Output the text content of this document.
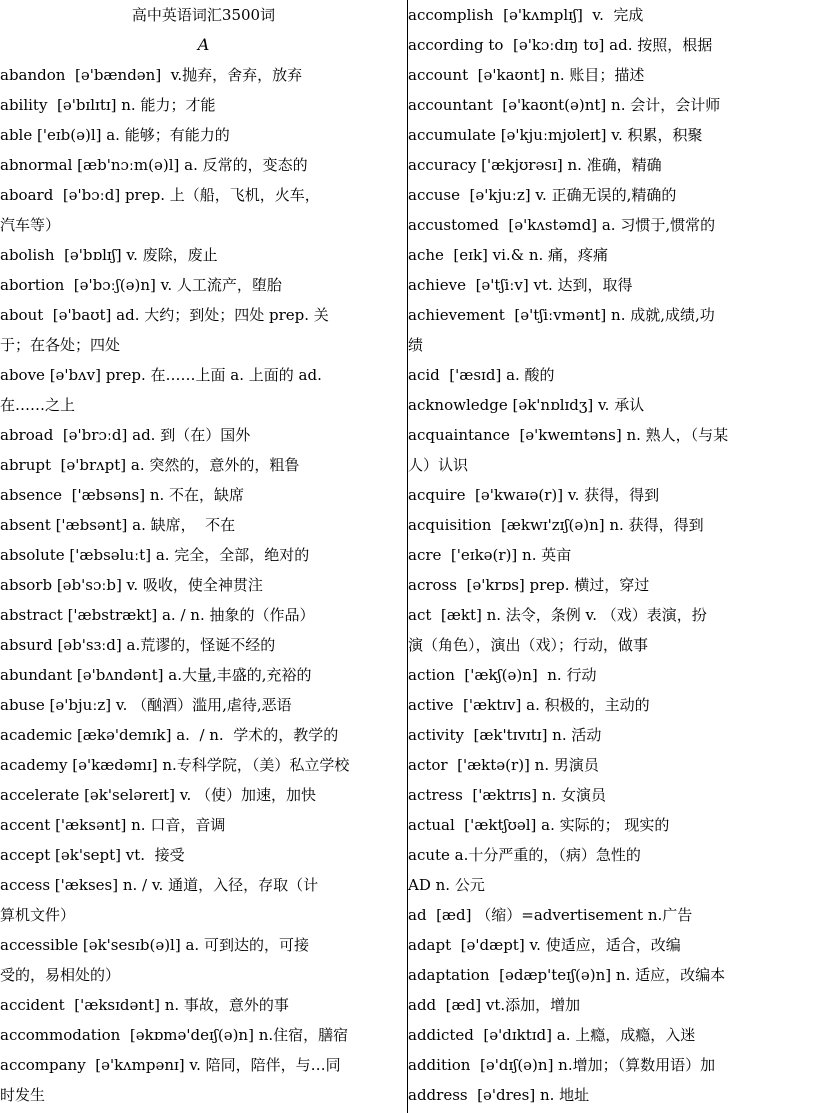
高中英语词汇3500词
A
abandon  [ə'bændən]  v.抛弃，舍弃，放弃
ability  [ə'bɪlɪtɪ] n. 能力；才能
able ['eɪb(ə)l] a. 能够；有能力的
abnormal [æb'nɔːm(ə)l] a. 反常的，变态的
aboard  [ə'bɔːd] prep. 上（船，飞机，火车，
汽车等）
abolish  [ə'bɒlɪʃ] v. 废除，废止
abortion  [ə'bɔːʃ(ə)n] v. 人工流产，堕胎
about  [ə'baʊt] ad. 大约；到处；四处 prep. 关
于；在各处；四处
above [ə'bʌv] prep. 在……上面 a. 上面的 ad.
在……之上
abroad  [ə'brɔːd] ad. 到（在）国外
abrupt  [ə'brʌpt] a. 突然的，意外的，粗鲁
absence  ['æbsəns] n. 不在，缺席
absent ['æbsənt] a. 缺席，  不在
absolute ['æbsəluːt] a. 完全，全部，绝对的
absorb [əb'sɔːb] v. 吸收，使全神贯注
abstract ['æbstrækt] a. / n. 抽象的（作品）
absurd [əb'sɜːd] a.荒谬的，怪诞不经的
abundant [ə'bʌndənt] a.大量,丰盛的,充裕的
abuse [ə'bjuːz] v. （酗酒）滥用,虐待,恶语
academic [ækə'demɪk] a.  / n.  学术的，教学的
academy [ə'kædəmɪ] n.专科学院，（美）私立学校
accelerate [ək'seləreɪt] v. （使）加速，加快
accent ['æksənt] n. 口音，音调
accept [ək'sept] vt.  接受
access ['ækses] n. / v. 通道，入径，存取（计
算机文件）
accessible [ək'sesɪb(ə)l] a. 可到达的，可接
受的，易相处的）
accident  ['æksɪdənt] n. 事故，意外的事
accommodation  [əkɒmə'deɪʃ(ə)n] n.住宿，膳宿
accompany  [ə'kʌmpənɪ] v. 陪同，陪伴，与…同
时发生
accomplish  [ə'kʌmplɪʃ]  v.  完成
according to  [ə'kɔːdɪŋ tʊ] ad. 按照，根据
account  [ə'kaʊnt] n. 账目；描述
accountant  [ə'kaʊnt(ə)nt] n. 会计，会计师
accumulate [ə'kjuːmjʊleɪt] v. 积累，积聚
accuracy ['ækjʊrəsɪ] n. 准确，精确
accuse  [ə'kjuːz] v. 正确无误的,精确的
accustomed  [ə'kʌstəmd] a. 习惯于,惯常的
ache  [eɪk] vi.& n. 痛，疼痛
achieve  [ə'tʃiːv] vt. 达到，取得
achievement  [ə'tʃiːvmənt] n. 成就,成绩,功
绩
acid  ['æsɪd] a. 酸的
acknowledge [ək'nɒlɪdʒ] v. 承认
acquaintance  [ə'kweɪntəns] n. 熟人，（与某
人）认识
acquire  [ə'kwaɪə(r)] v. 获得，得到
acquisition  [ækwɪ'zɪʃ(ə)n] n. 获得，得到
acre  ['eɪkə(r)] n. 英亩
across  [ə'krɒs] prep. 横过，穿过
act  [ækt] n. 法令，条例 v. （戏）表演，扮
演（角色），演出（戏）；行动，做事
action  ['ækʃ(ə)n]  n. 行动
active  ['æktɪv] a. 积极的，主动的
activity  [æk'tɪvɪtɪ] n. 活动
actor  ['æktə(r)] n. 男演员
actress  ['æktrɪs] n. 女演员
actual  ['æktʃʊəl] a. 实际的； 现实的
acute a.十分严重的，（病）急性的
AD n. 公元
ad  [æd] （缩）=advertisement n.广告
adapt  [ə'dæpt] v. 使适应，适合，改编
adaptation  [ədæp'teɪʃ(ə)n] n. 适应，改编本
add  [æd] vt.添加，增加
addicted  [ə'dɪktɪd] a. 上瘾，成瘾，入迷
addition  [ə'dɪʃ(ə)n] n.增加；（算数用语）加
address  [ə'dres] n. 地址
